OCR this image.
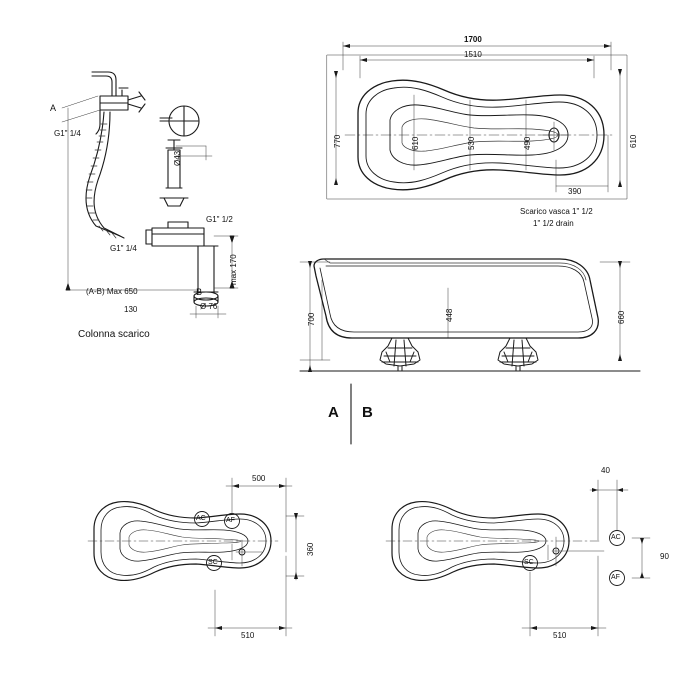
A
G1" 1/4
G1" 1/4
G1" 1/2
(A-B) Max 650	B
Ø43
max 170
Ø 76
130
Colonna scarico
1700
1510
770	610
610	530	490
390
Scarico vasca 1" 1/2
1" 1/2 drain
700	448	660
A B
500
360
510
AC	AF
SC
40
90
510
AC
AF
SC
